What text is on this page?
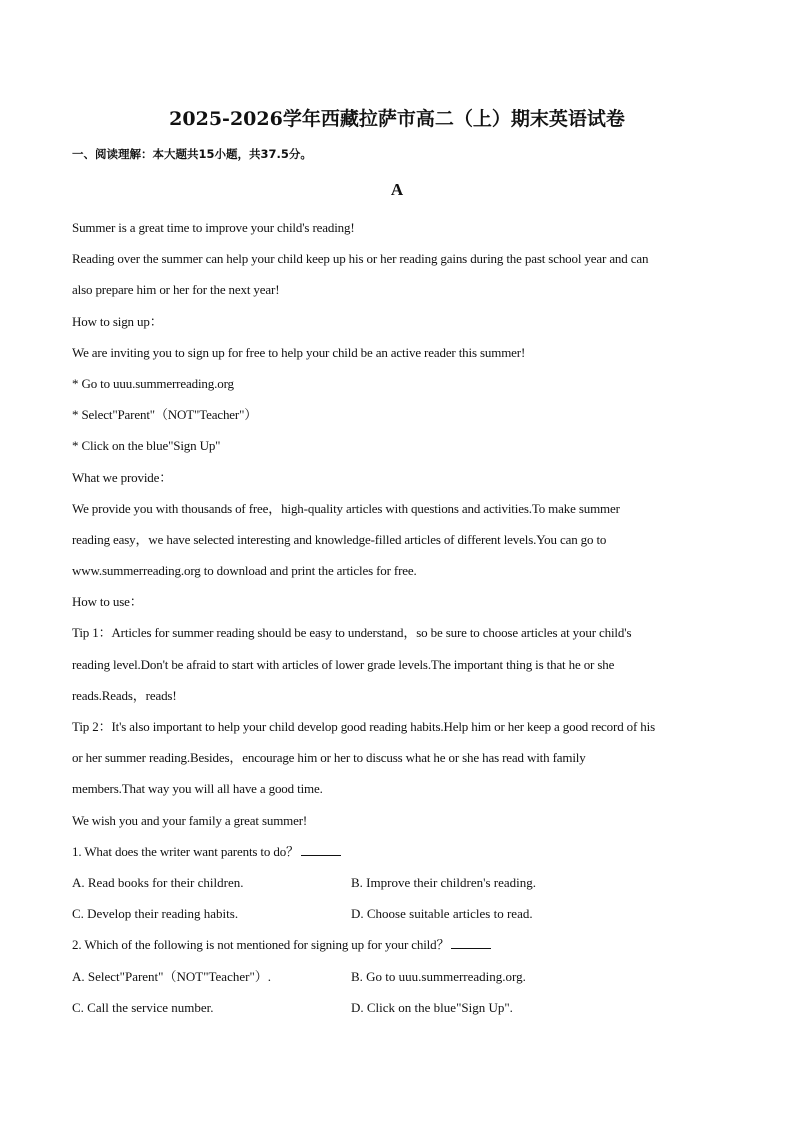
2025-2026学年西藏拉萨市高二（上）期末英语试卷
一、阅读理解：本大题共15小题，共37.5分。
A
Summer is a great time to improve your child's reading!
Reading over the summer can help your child keep up his or her reading gains during the past school year and can
also prepare him or her for the next year!
How to sign up：
We are inviting you to sign up for free to help your child be an active reader this summer!
* Go to uuu.summerreading.org
* Select"Parent"（NOT"Teacher"）
* Click on the blue"Sign Up"
What we provide：
We provide you with thousands of free，high-quality articles with questions and activities.To make summer
reading easy，we have selected interesting and knowledge-filled articles of different levels.You can go to
www.summerreading.org to download and print the articles for free.
How to use：
Tip 1：Articles for summer reading should be easy to understand，so be sure to choose articles at your child's
reading level.Don't be afraid to start with articles of lower grade levels.The important thing is that he or she
reads.Reads，reads!
Tip 2：It's also important to help your child develop good reading habits.Help him or her keep a good record of his
or her summer reading.Besides，encourage him or her to discuss what he or she has read with family
members.That way you will all have a good time.
We wish you and your family a great summer!
1. What does the writer want parents to do？
A. Read books for their children.	B. Improve their children's reading.
C. Develop their reading habits.	D. Choose suitable articles to read.
2. Which of the following is not mentioned for signing up for your child？
A. Select"Parent"（NOT"Teacher"）.	B. Go to uuu.summerreading.org.
C. Call the service number.	D. Click on the blue"Sign Up".
